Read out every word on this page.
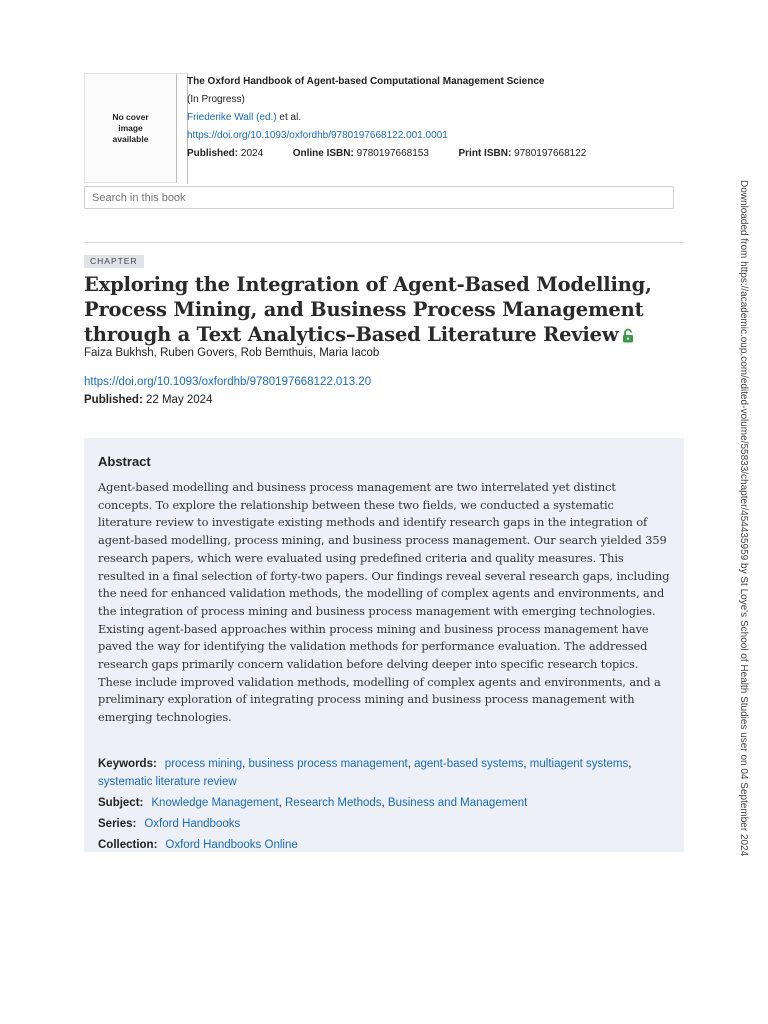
No cover image available
The Oxford Handbook of Agent-based Computational Management Science
(In Progress)
Friederike Wall (ed.) et al.
https://doi.org/10.1093/oxfordhb/9780197668122.001.0001
Published: 2024	Online ISBN: 9780197668153	Print ISBN: 9780197668122
Search in this book
CHAPTER
Exploring the Integration of Agent-Based Modelling, Process Mining, and Business Process Management through a Text Analytics–Based Literature Review
Faiza Bukhsh, Ruben Govers, Rob Bemthuis, Maria Iacob
https://doi.org/10.1093/oxfordhb/9780197668122.013.20
Published: 22 May 2024
Abstract

Agent-based modelling and business process management are two interrelated yet distinct concepts. To explore the relationship between these two fields, we conducted a systematic literature review to investigate existing methods and identify research gaps in the integration of agent-based modelling, process mining, and business process management. Our search yielded 359 research papers, which were evaluated using predefined criteria and quality measures. This resulted in a final selection of forty-two papers. Our findings reveal several research gaps, including the need for enhanced validation methods, the modelling of complex agents and environments, and the integration of process mining and business process management with emerging technologies. Existing agent-based approaches within process mining and business process management have paved the way for identifying the validation methods for performance evaluation. The addressed research gaps primarily concern validation before delving deeper into specific research topics. These include improved validation methods, modelling of complex agents and environments, and a preliminary exploration of integrating process mining and business process management with emerging technologies.

Keywords: process mining, business process management, agent-based systems, multiagent systems, systematic literature review
Subject: Knowledge Management, Research Methods, Business and Management
Series: Oxford Handbooks
Collection: Oxford Handbooks Online	Downloaded from https://academic.oup.com/edited-volume/55833/chapter/454435959 by St Loye's School of Health Studies user on 04 September 2024
